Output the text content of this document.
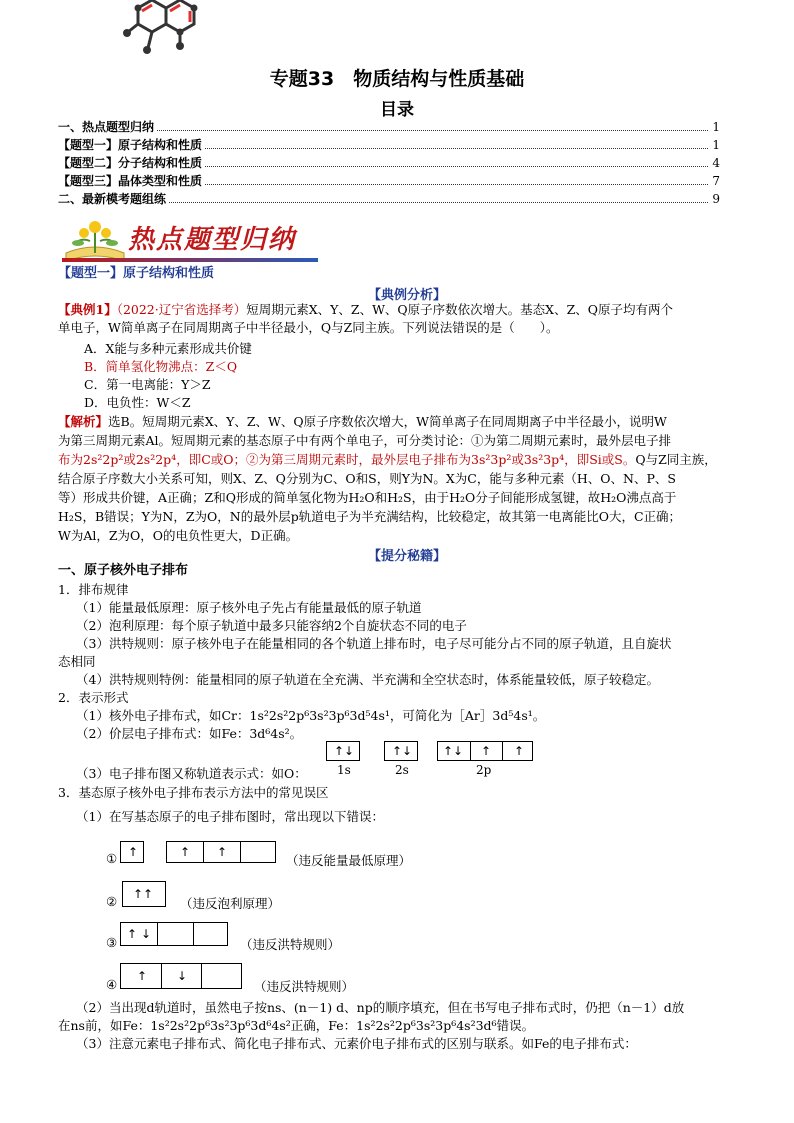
专题33　物质结构与性质基础
目录
一、热点题型归纳	1
【题型一】原子结构和性质	1
【题型二】分子结构和性质	4
【题型三】晶体类型和性质	7
二、最新模考题组练	9
热点题型归纳
【题型一】原子结构和性质
【典例分析】
【典例1】（2022·辽宁省选择考）短周期元素X、Y、Z、W、Q原子序数依次增大。基态X、Z、Q原子均有两个
单电子，W简单离子在同周期离子中半径最小，Q与Z同主族。下列说法错误的是（　　）。
A．X能与多种元素形成共价键
B．简单氢化物沸点：Z＜Q
C．第一电离能：Y＞Z
D．电负性：W＜Z
【解析】选B。短周期元素X、Y、Z、W、Q原子序数依次增大，W简单离子在同周期离子中半径最小，说明W
为第三周期元素Al。短周期元素的基态原子中有两个单电子，可分类讨论：①为第二周期元素时，最外层电子排
布为2s²2p²或2s²2p⁴，即C或O；②为第三周期元素时，最外层电子排布为3s²3p²或3s²3p⁴，即Si或S。Q与Z同主族，
结合原子序数大小关系可知，则X、Z、Q分别为C、O和S，则Y为N。X为C，能与多种元素（H、O、N、P、S
等）形成共价键，A正确；Z和Q形成的简单氢化物为H₂O和H₂S，由于H₂O分子间能形成氢键，故H₂O沸点高于
H₂S，B错误；Y为N，Z为O，N的最外层p轨道电子为半充满结构，比较稳定，故其第一电离能比O大，C正确；
W为Al，Z为O，O的电负性更大，D正确。
【提分秘籍】
一、原子核外电子排布
1．排布规律
（1）能量最低原理：原子核外电子先占有能量最低的原子轨道
（2）泡利原理：每个原子轨道中最多只能容纳2个自旋状态不同的电子
（3）洪特规则：原子核外电子在能量相同的各个轨道上排布时，电子尽可能分占不同的原子轨道，且自旋状
态相同
（4）洪特规则特例：能量相同的原子轨道在全充满、半充满和全空状态时，体系能量较低，原子较稳定。
2．表示形式
（1）核外电子排布式，如Cr：1s²2s²2p⁶3s²3p⁶3d⁵4s¹，可简化为［Ar］3d⁵4s¹。
（2）价层电子排布式：如Fe：3d⁶4s²。
↑↓	↑↓	↑↓ ↑ ↑
1s	2s	2p
（3）电子排布图又称轨道表示式：如O：
3．基态原子核外电子排布表示方法中的常见误区
（1）在写基态原子的电子排布图时，常出现以下错误：
① ↑	↑ ↑
（违反能量最低原理）
② ↑↑
（违反泡利原理）
③
↑ ↓
（违反洪特规则）
④
↑ ↓
（违反洪特规则）
（2）当出现d轨道时，虽然电子按ns、(n－1) d、np的顺序填充，但在书写电子排布式时，仍把（n－1）d放
在ns前，如Fe：1s²2s²2p⁶3s²3p⁶3d⁶4s²正确，Fe：1s²2s²2p⁶3s²3p⁶4s²3d⁶错误。
（3）注意元素电子排布式、简化电子排布式、元素价电子排布式的区别与联系。如Fe的电子排布式：
